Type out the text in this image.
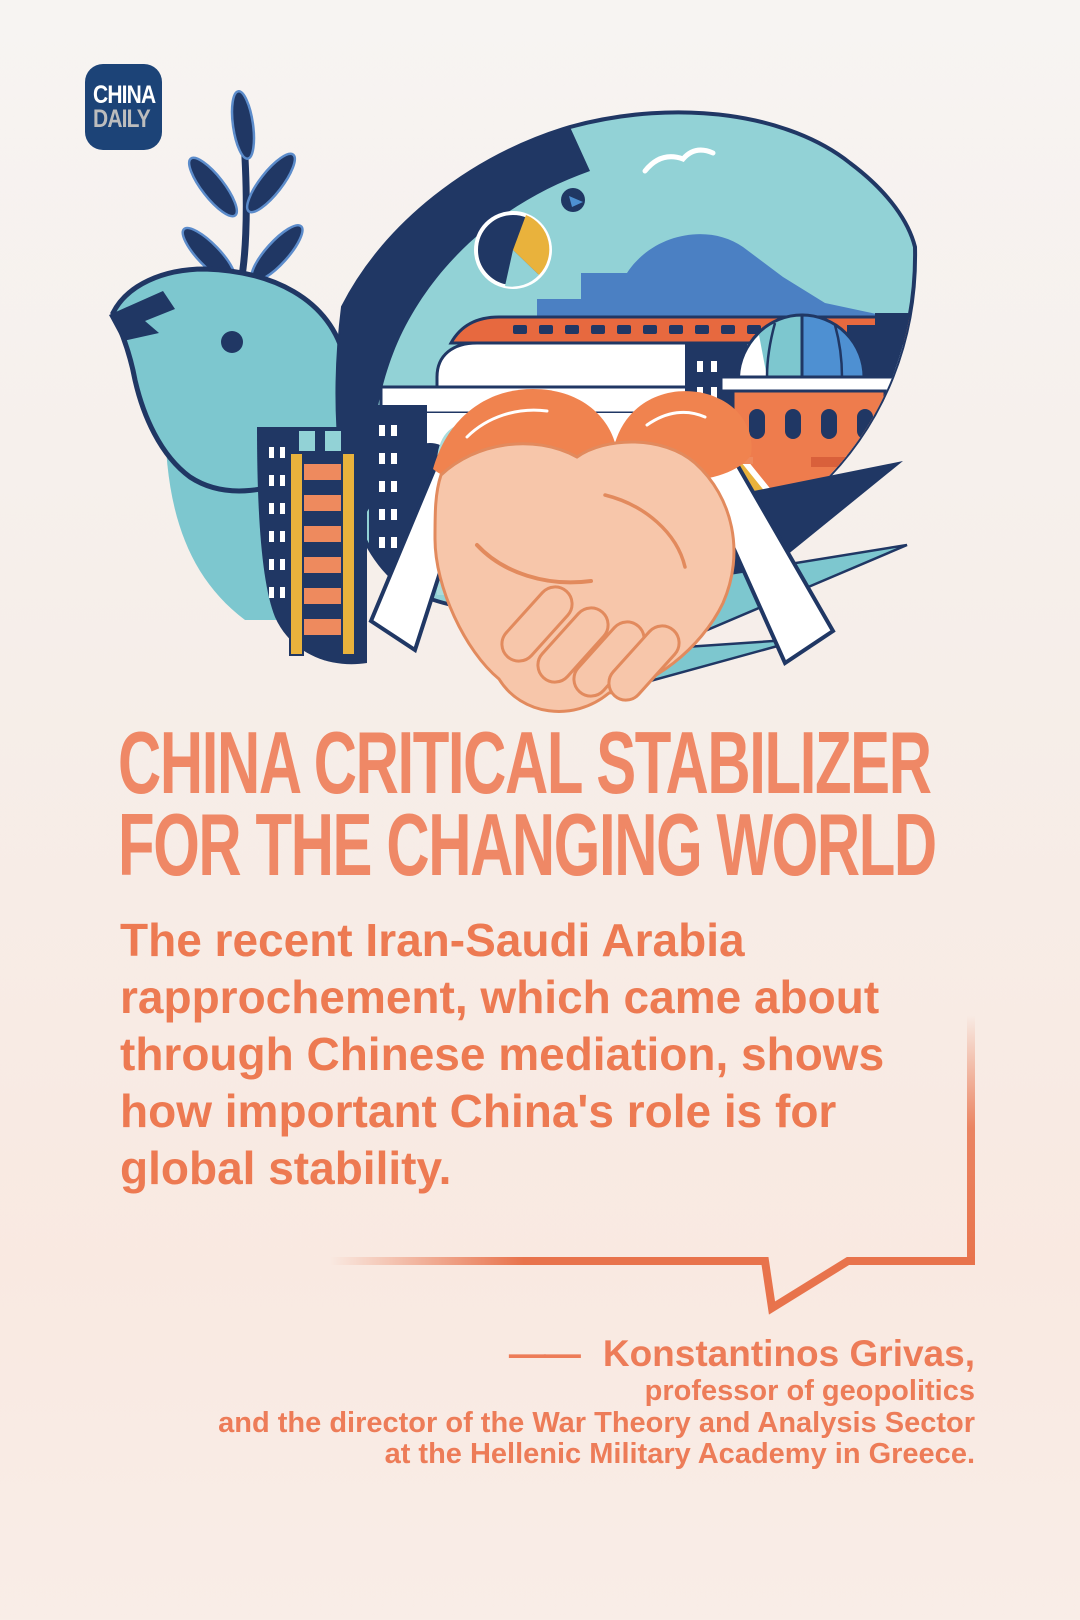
CHINA
DAILY
CHINA CRITICAL STABILIZER
FOR THE CHANGING WORLD
The recent Iran-Saudi Arabia
rapprochement, which came about
through Chinese mediation, shows
how important China's role is for
global stability.
—— Konstantinos Grivas,
professor of geopolitics
and the director of the War Theory and Analysis Sector
at the Hellenic Military Academy in Greece.
